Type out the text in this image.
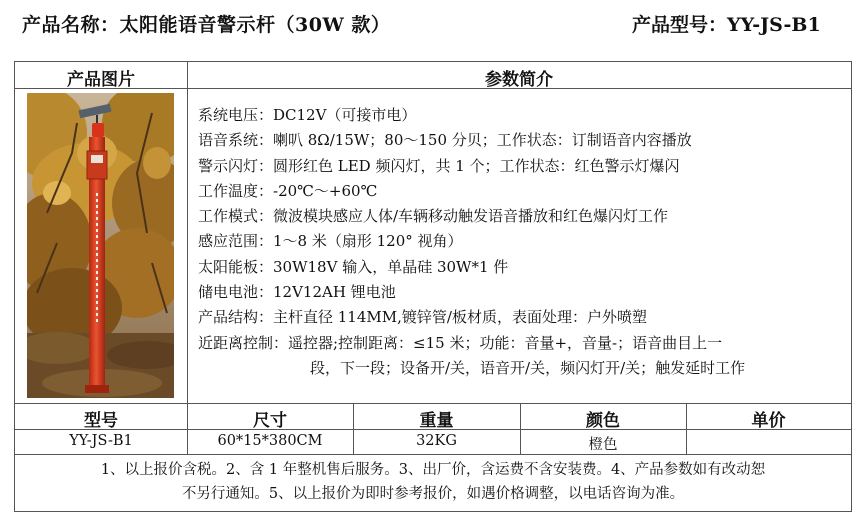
产品名称：太阳能语音警示杆（30W 款）	产品型号：YY-JS-B1
产品图片	参数简介
系统电压：DC12V（可接市电）
语音系统：喇叭 8Ω/15W；80～150 分贝；工作状态：订制语音内容播放
警示闪灯：圆形红色 LED 频闪灯，共 1 个；工作状态：红色警示灯爆闪
工作温度：-20℃～+60℃
工作模式：微波模块感应人体/车辆移动触发语音播放和红色爆闪灯工作
感应范围：1～8 米（扇形 120° 视角）
太阳能板：30W18V 输入，单晶硅 30W*1 件
储电电池：12V12AH 锂电池
产品结构：主杆直径 114MM,镀锌管/板材质，表面处理：户外喷塑
近距离控制：遥控器;控制距离：≤15 米；功能：音量+，音量-；语音曲目上一
段，下一段；设备开/关，语音开/关，频闪灯开/关；触发延时工作
型号	尺寸	重量	颜色	单价
YY-JS-B1	60*15*380CM	32KG	橙色
1、以上报价含税。2、含 1 年整机售后服务。3、出厂价，含运费不含安装费。4、产品参数如有改动恕
不另行通知。5、以上报价为即时参考报价，如遇价格调整，以电话咨询为准。
